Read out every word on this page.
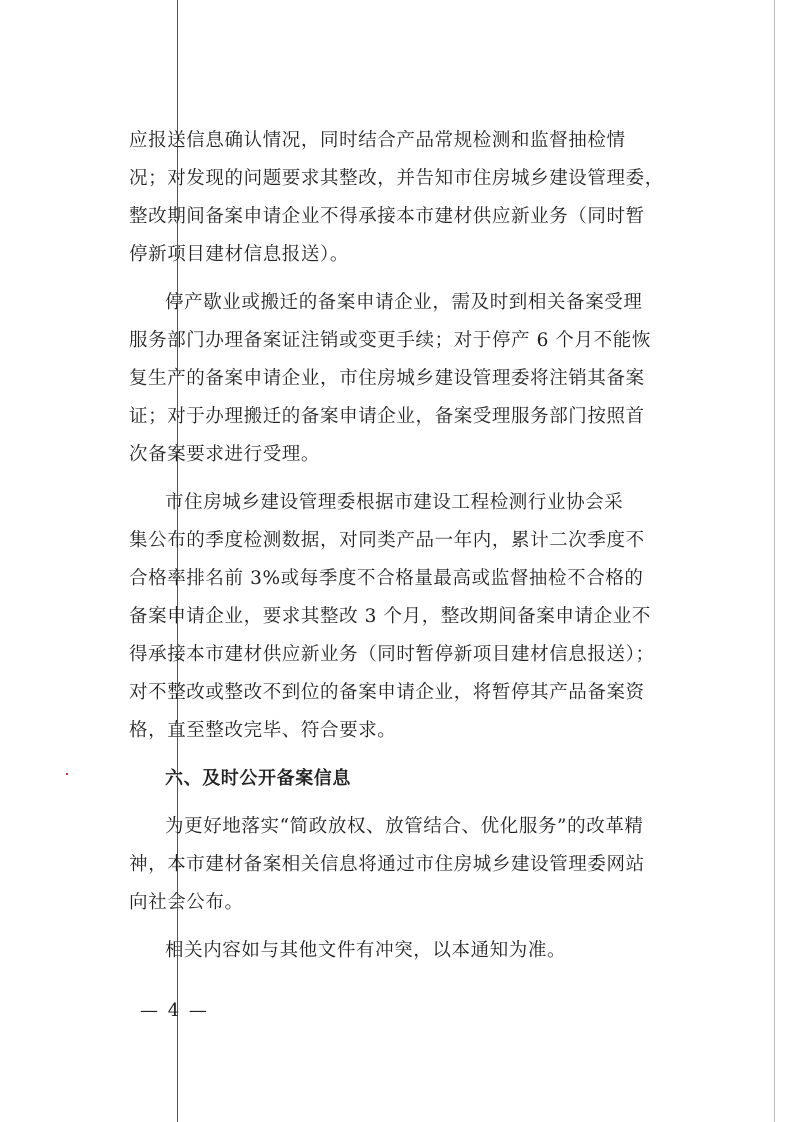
应报送信息确认情况，同时结合产品常规检测和监督抽检情
况；对发现的问题要求其整改，并告知市住房城乡建设管理委，
整改期间备案申请企业不得承接本市建材供应新业务（同时暂
停新项目建材信息报送）。
停产歇业或搬迁的备案申请企业，需及时到相关备案受理
服务部门办理备案证注销或变更手续；对于停产 6 个月不能恢
复生产的备案申请企业，市住房城乡建设管理委将注销其备案
证；对于办理搬迁的备案申请企业，备案受理服务部门按照首
次备案要求进行受理。
市住房城乡建设管理委根据市建设工程检测行业协会采
集公布的季度检测数据，对同类产品一年内，累计二次季度不
合格率排名前 3%或每季度不合格量最高或监督抽检不合格的
备案申请企业，要求其整改 3 个月，整改期间备案申请企业不
得承接本市建材供应新业务（同时暂停新项目建材信息报送）；
对不整改或整改不到位的备案申请企业，将暂停其产品备案资
格，直至整改完毕、符合要求。
六、及时公开备案信息
为更好地落实“简政放权、放管结合、优化服务”的改革精
神，本市建材备案相关信息将通过市住房城乡建设管理委网站
向社会公布。
相关内容如与其他文件有冲突，以本通知为准。
— 4 —
